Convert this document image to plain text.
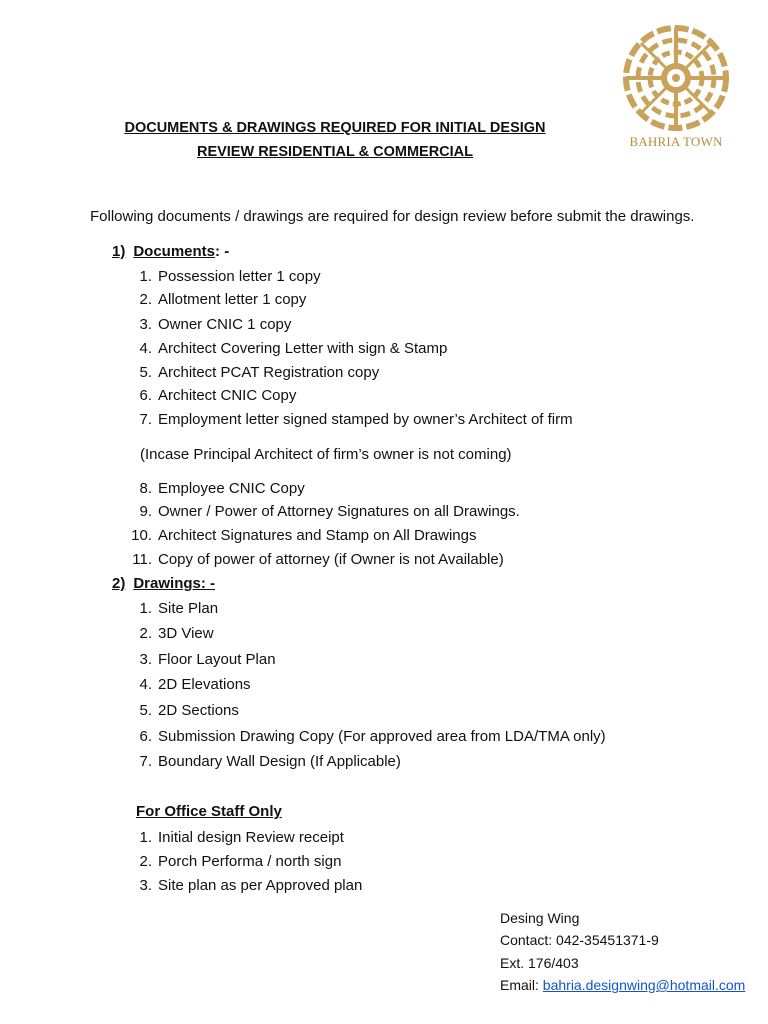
BAHRIA TOWN
DOCUMENTS & DRAWINGS REQUIRED FOR INITIAL DESIGN
REVIEW RESIDENTIAL & COMMERCIAL
Following documents / drawings are required for design review before submit the drawings.
1) Documents: -
1. Possession letter 1 copy
2. Allotment letter 1 copy
3. Owner CNIC 1 copy
4. Architect Covering Letter with sign & Stamp
5. Architect PCAT Registration copy
6. Architect CNIC Copy
7. Employment letter signed stamped by owner’s Architect of firm
(Incase Principal Architect of firm’s owner is not coming)
8. Employee CNIC Copy
9. Owner / Power of Attorney Signatures on all Drawings.
10. Architect Signatures and Stamp on All Drawings
11. Copy of power of attorney (if Owner is not Available)
2) Drawings: -
1. Site Plan
2. 3D View
3. Floor Layout Plan
4. 2D Elevations
5. 2D Sections
6. Submission Drawing Copy (For approved area from LDA/TMA only)
7. Boundary Wall Design (If Applicable)
For Office Staff Only
1. Initial design Review receipt
2. Porch Performa / north sign
3. Site plan as per Approved plan
Desing Wing
Contact: 042-35451371-9
Ext. 176/403
Email: bahria.designwing@hotmail.com
